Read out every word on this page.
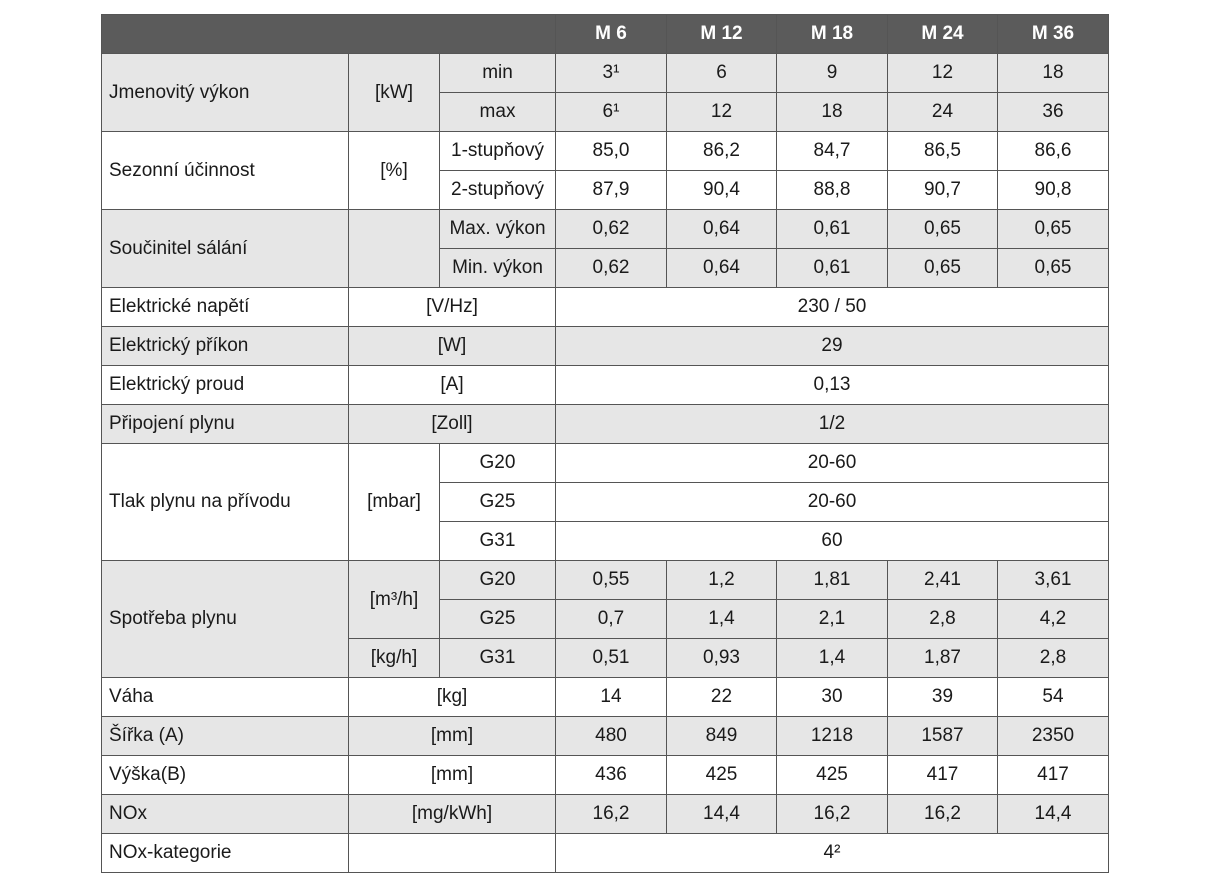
			M 6	M 12	M 18	M 24	M 36
Jmenovitý výkon	[kW]	min	3¹	6	9	12	18
		max	6¹	12	18	24	36
Sezonní účinnost	[%]	1-stupňový	85,0	86,2	84,7	86,5	86,6
		2-stupňový	87,9	90,4	88,8	90,7	90,8
Součinitel sálání		Max. výkon	0,62	0,64	0,61	0,65	0,65
		Min. výkon	0,62	0,64	0,61	0,65	0,65
Elektrické napětí	[V/Hz]		230 / 50				
Elektrický příkon	[W]		29				
Elektrický proud	[A]		0,13				
Připojení plynu	[Zoll]		1/2				
Tlak plynu na přívodu	[mbar]	G20	20-60				
		G25	20-60				
		G31	60				
Spotřeba plynu	[m³/h]	G20	0,55	1,2	1,81	2,41	3,61
		G25	0,7	1,4	2,1	2,8	4,2
	[kg/h]	G31	0,51	0,93	1,4	1,87	2,8
Váha	[kg]		14	22	30	39	54
Šířka (A)	[mm]		480	849	1218	1587	2350
Výška(B)	[mm]		436	425	425	417	417
NOx	[mg/kWh]		16,2	14,4	16,2	16,2	14,4
NOx-kategorie			4²				
